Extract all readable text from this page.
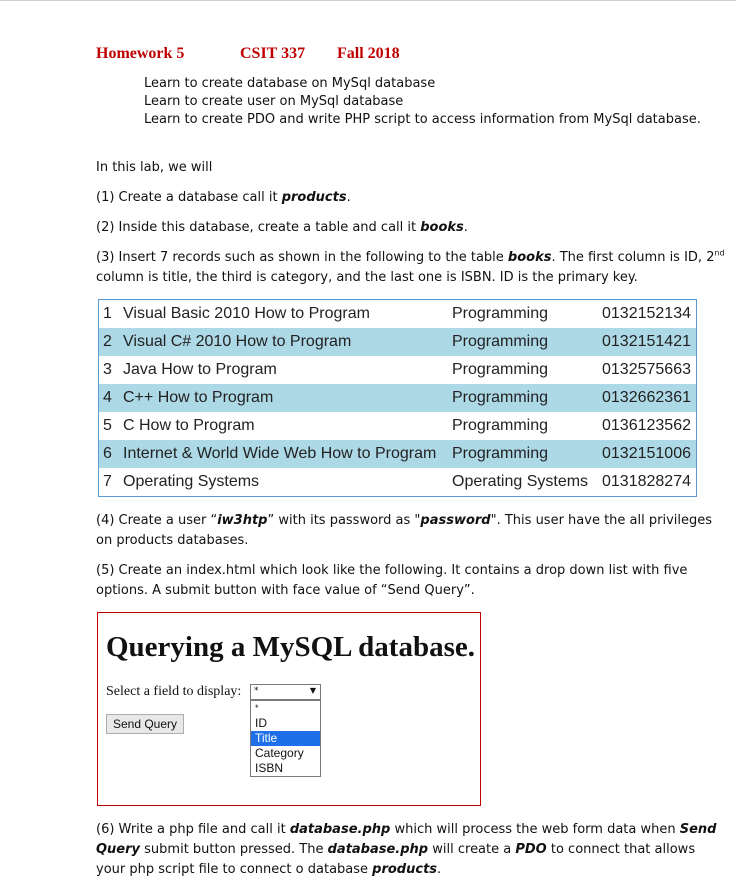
Homework 5	CSIT 337 Fall 2018
Learn to create database on MySql database
Learn to create user on MySql database
Learn to create PDO and write PHP script to access information from MySql database.
In this lab, we will
(1) Create a database call it products.
(2) Inside this database, create a table and call it books.
(3) Insert 7 records such as shown in the following to the table books. The first column is ID, 2nd column is title, the third is category, and the last one is ISBN. ID is the primary key.
1	Visual Basic 2010 How to Program	Programming	0132152134
2	Visual C# 2010 How to Program	Programming	0132151421
3	Java How to Program	Programming	0132575663
4	C++ How to Program	Programming	0132662361
5	C How to Program	Programming	0136123562
6	Internet & World Wide Web How to Program	Programming	0132151006
7	Operating Systems	Operating Systems	0131828274
(4) Create a user “iw3htp” with its password as "password". This user have the all privileges on products databases.
(5) Create an index.html which look like the following. It contains a drop down list with five options. A submit button with face value of “Send Query”.
Querying a MySQL database.
Select a field to display: *	▼
Send Query
*
ID
Title
Category
ISBN
(6) Write a php file and call it database.php which will process the web form data when Send Query submit button pressed. The database.php will create a PDO to connect that allows your php script file to connect o database products.
